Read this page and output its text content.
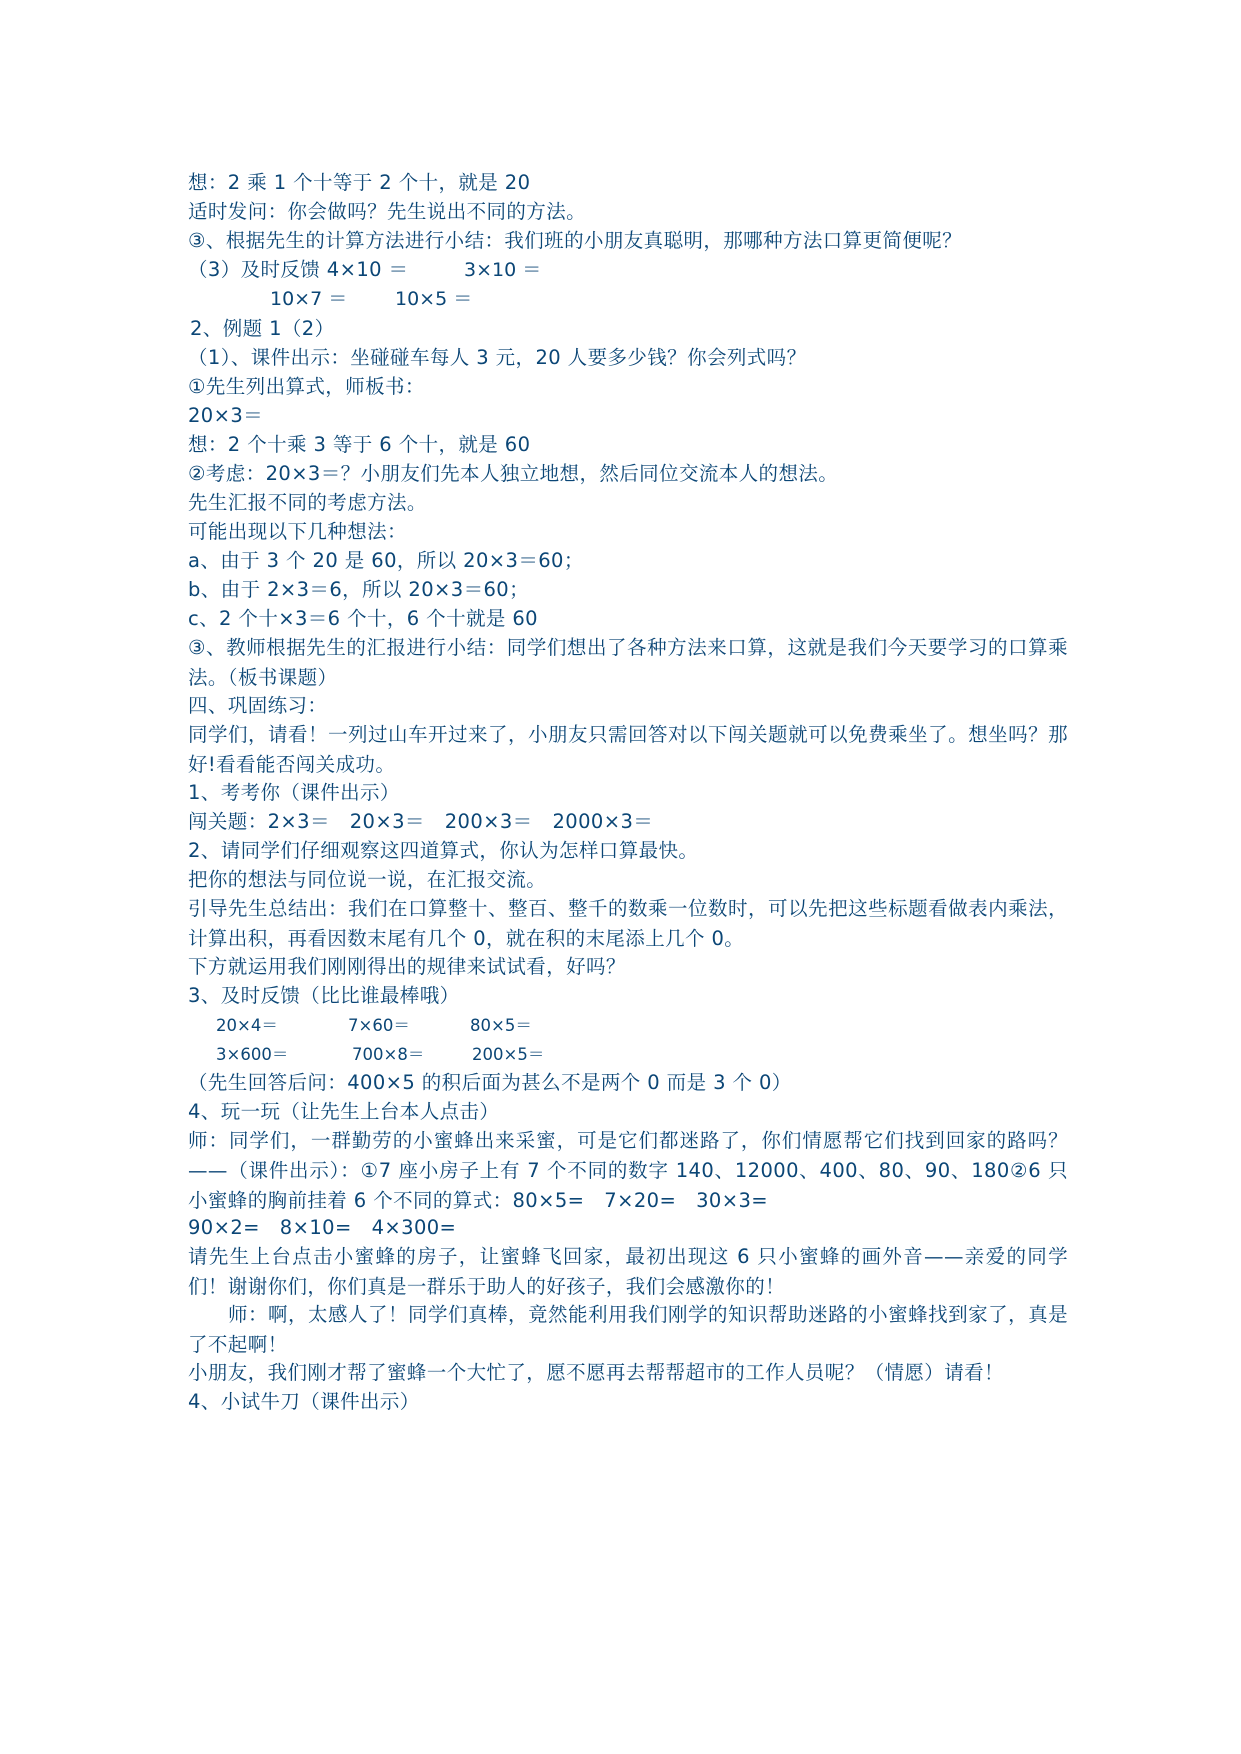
想：2 乘 1 个十等于 2 个十，就是 20
适时发问：你会做吗？先生说出不同的方法。
③、根据先生的计算方法进行小结：我们班的小朋友真聪明，那哪种方法口算更简便呢？
（3）及时反馈 4×10 ＝	3×10 ＝
10×7 ＝	10×5 ＝
2、例题 1（2）
（1）、课件出示：坐碰碰车每人 3 元，20 人要多少钱？你会列式吗？
①先生列出算式，师板书：
20×3＝
想：2 个十乘 3 等于 6 个十，就是 60
②考虑：20×3＝？小朋友们先本人独立地想，然后同位交流本人的想法。
先生汇报不同的考虑方法。
可能出现以下几种想法：
a、由于 3 个 20 是 60，所以 20×3＝60；
b、由于 2×3＝6，所以 20×3＝60；
c、2 个十×3＝6 个十，6 个十就是 60
③、教师根据先生的汇报进行小结：同学们想出了各种方法来口算，这就是我们今天要学习的口算乘法。（板书课题）
四、巩固练习：
同学们，请看！一列过山车开过来了，小朋友只需回答对以下闯关题就可以免费乘坐了。想坐吗？那好!看看能否闯关成功。
1、考考你（课件出示）
闯关题：2×3＝　20×3＝　200×3＝　2000×3＝
2、请同学们仔细观察这四道算式，你认为怎样口算最快。
把你的想法与同位说一说，在汇报交流。
引导先生总结出：我们在口算整十、整百、整千的数乘一位数时，可以先把这些标题看做表内乘法，计算出积，再看因数末尾有几个 0，就在积的末尾添上几个 0。
下方就运用我们刚刚得出的规律来试试看，好吗？
3、及时反馈（比比谁最棒哦）
20×4＝	7×60＝	80×5＝
3×600＝	700×8＝	200×5＝
（先生回答后问：400×5 的积后面为甚么不是两个 0 而是 3 个 0）
4、玩一玩（让先生上台本人点击）
师：同学们，一群勤劳的小蜜蜂出来采蜜，可是它们都迷路了，你们情愿帮它们找到回家的路吗？——（课件出示）：①7 座小房子上有 7 个不同的数字 140、12000、400、80、90、180②6 只小蜜蜂的胸前挂着 6 个不同的算式：80×5=　7×20=　30×3=
90×2=　8×10=　4×300=
请先生上台点击小蜜蜂的房子，让蜜蜂飞回家，最初出现这 6 只小蜜蜂的画外音——亲爱的同学们！谢谢你们，你们真是一群乐于助人的好孩子，我们会感激你的！
　　师：啊，太感人了！同学们真棒，竟然能利用我们刚学的知识帮助迷路的小蜜蜂找到家了，真是了不起啊！
小朋友，我们刚才帮了蜜蜂一个大忙了，愿不愿再去帮帮超市的工作人员呢？（情愿）请看！
4、小试牛刀（课件出示）
